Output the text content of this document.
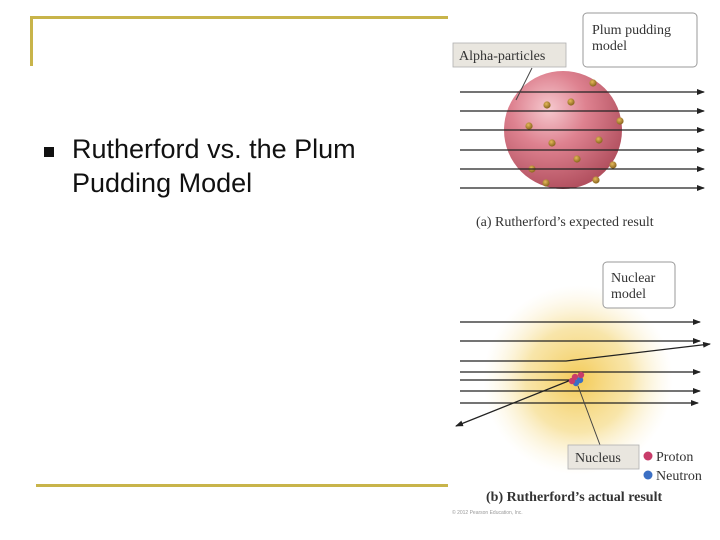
Rutherford vs. the Plum Pudding Model
Plum pudding
model
Alpha-particles
(a) Rutherford’s expected result
Nuclear
model
Nucleus	Proton
Neutron
(b) Rutherford’s actual result
© 2012 Pearson Education, Inc.
